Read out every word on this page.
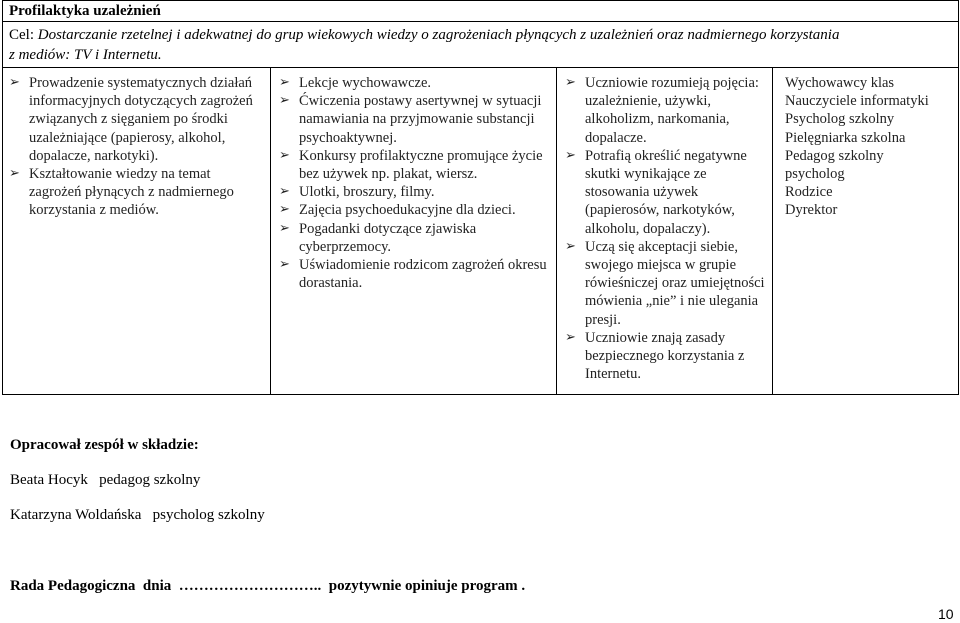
Profilaktyka uzależnień
Cel: Dostarczanie rzetelnej i adekwatnej do grup wiekowych wiedzy o zagrożeniach płynących z uzależnień oraz nadmiernego korzystania
z mediów: TV i Internetu.

➢ Prowadzenie systematycznych działań informacyjnych dotyczących zagrożeń związanych z sięganiem po środki uzależniające (papierosy, alkohol, dopalacze, narkotyki).
➢ Kształtowanie wiedzy na temat zagrożeń płynących z nadmiernego korzystania z mediów.

➢ Lekcje wychowawcze.
➢ Ćwiczenia postawy asertywnej w sytuacji namawiania na przyjmowanie substancji psychoaktywnej.
➢ Konkursy profilaktyczne promujące życie bez używek np. plakat, wiersz.
➢ Ulotki, broszury, filmy.
➢ Zajęcia psychoedukacyjne dla dzieci.
➢ Pogadanki dotyczące zjawiska cyberprzemocy.
➢ Uświadomienie rodzicom zagrożeń okresu dorastania.

➢ Uczniowie rozumieją pojęcia: uzależnienie, używki, alkoholizm, narkomania, dopalacze.
➢ Potrafią określić negatywne skutki wynikające ze stosowania używek (papierosów, narkotyków, alkoholu, dopalaczy).
➢ Uczą się akceptacji siebie, swojego miejsca w grupie rówieśniczej oraz umiejętności mówienia „nie” i nie ulegania presji.
➢ Uczniowie znają zasady bezpiecznego korzystania z Internetu.

Wychowawcy klas
Nauczyciele informatyki
Psycholog szkolny
Pielęgniarka szkolna
Pedagog szkolny
psycholog
Rodzice
Dyrektor
Opracował zespół w składzie:
Beata Hocyk   pedagog szkolny
Katarzyna Woldańska   psycholog szkolny
Rada Pedagogiczna  dnia  ………………………..  pozytywnie opiniuje program .
10
